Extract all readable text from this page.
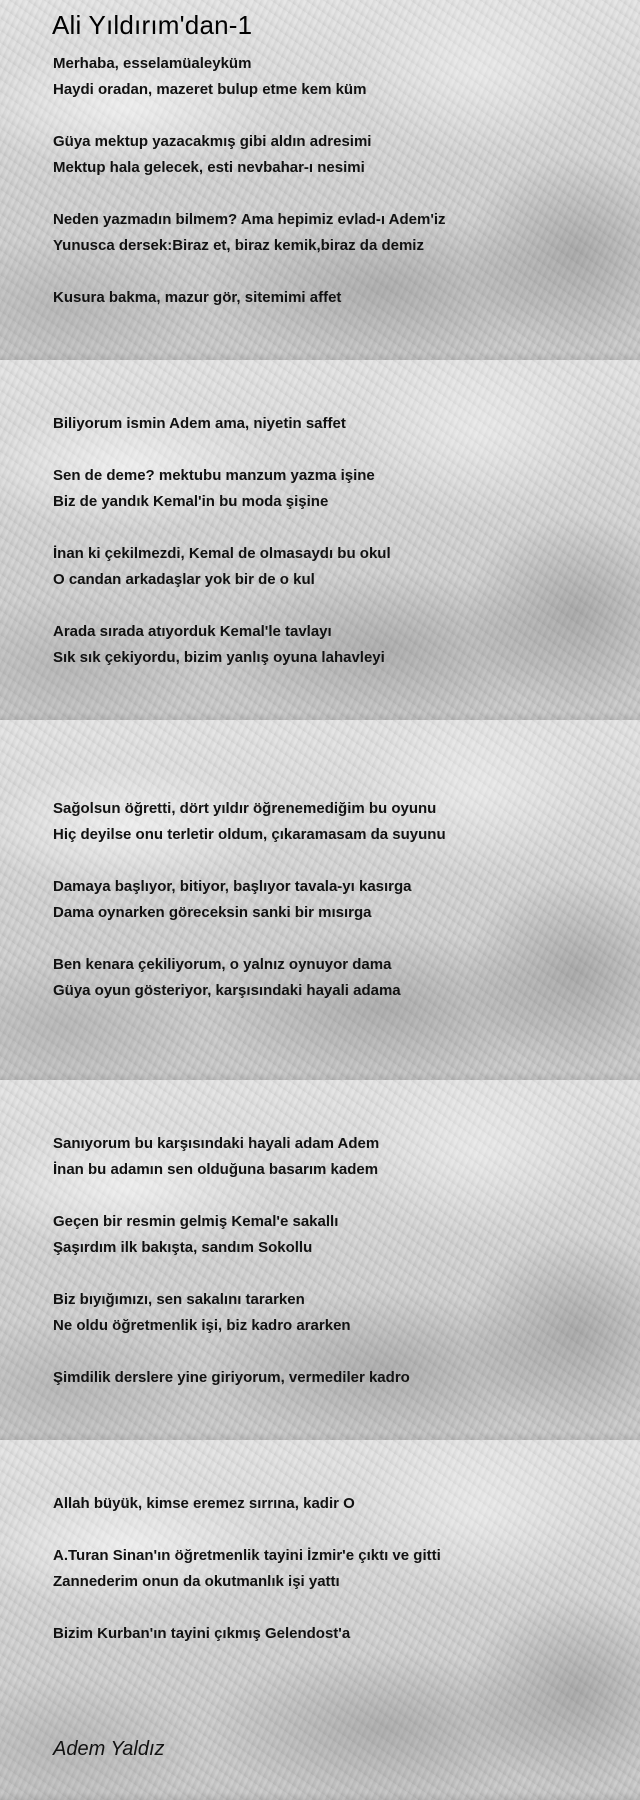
Ali Yıldırım'dan-1
Merhaba, esselamüaleyküm
Haydi oradan, mazeret bulup etme kem küm
Güya mektup yazacakmış gibi aldın adresimi
Mektup hala gelecek, esti nevbahar-ı nesimi
Neden yazmadın bilmem? Ama hepimiz evlad-ı Adem'iz
Yunusca dersek:Biraz et, biraz kemik,biraz da demiz
Kusura bakma, mazur gör, sitemimi affet
Biliyorum ismin Adem ama, niyetin saffet
Sen de deme? mektubu manzum yazma işine
Biz de yandık Kemal'in bu moda şişine
İnan ki çekilmezdi, Kemal de olmasaydı bu okul
O candan arkadaşlar yok bir de o kul
Arada sırada atıyorduk Kemal'le tavlayı
Sık sık çekiyordu, bizim yanlış oyuna lahavleyi
Sağolsun öğretti, dört yıldır öğrenemediğim bu oyunu
Hiç deyilse onu terletir oldum, çıkaramasam da suyunu
Damaya başlıyor, bitiyor, başlıyor tavala-yı kasırga
Dama oynarken göreceksin sanki bir mısırga
Ben kenara çekiliyorum, o yalnız oynuyor dama
Güya oyun gösteriyor, karşısındaki hayali adama
Sanıyorum bu karşısındaki hayali adam Adem
İnan bu adamın sen olduğuna basarım kadem
Geçen bir resmin gelmiş Kemal'e sakallı
Şaşırdım ilk bakışta, sandım Sokollu
Biz bıyığımızı, sen sakalını tararken
Ne oldu öğretmenlik işi, biz kadro ararken
Şimdilik derslere yine giriyorum, vermediler kadro
Allah büyük, kimse eremez sırrına, kadir O
A.Turan Sinan'ın öğretmenlik tayini İzmir'e çıktı ve gitti
Zannederim onun da okutmanlık işi yattı
Bizim Kurban'ın tayini çıkmış Gelendost'a
Adem Yaldız
